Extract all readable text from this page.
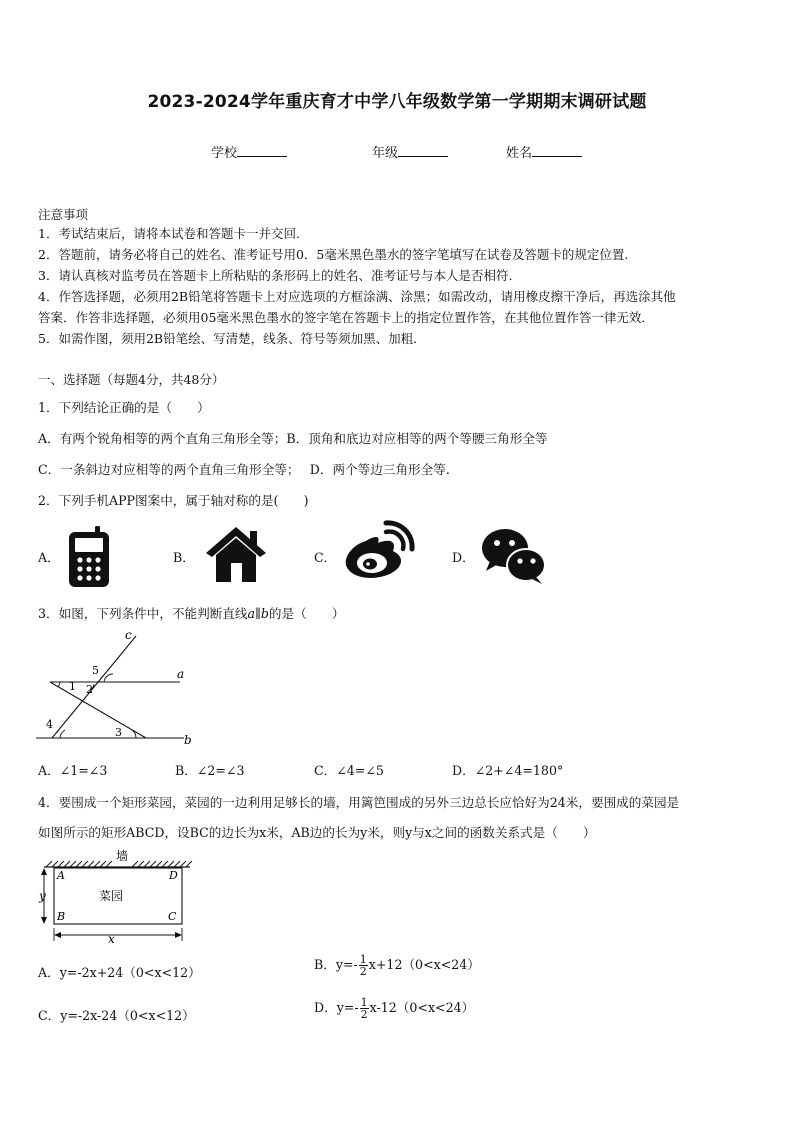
2023-2024学年重庆育才中学八年级数学第一学期期末调研试题
学校	年级	姓名
注意事项
1．考试结束后，请将本试卷和答题卡一并交回.
2．答题前，请务必将自己的姓名、准考证号用0．5毫米黑色墨水的签字笔填写在试卷及答题卡的规定位置.
3．请认真核对监考员在答题卡上所粘贴的条形码上的姓名、准考证号与本人是否相符.
4．作答选择题，必须用2B铅笔将答题卡上对应选项的方框涂满、涂黑；如需改动，请用橡皮擦干净后，再选涂其他
答案．作答非选择题，必须用05毫米黑色墨水的签字笔在答题卡上的指定位置作答，在其他位置作答一律无效．
5．如需作图，须用2B铅笔绘、写清楚，线条、符号等须加黑、加粗．
一、选择题（每题4分，共48分）
1．下列结论正确的是（　　）
A．有两个锐角相等的两个直角三角形全等；B．顶角和底边对应相等的两个等腰三角形全等
C．一条斜边对应相等的两个直角三角形全等；　 D．两个等边三角形全等.
2．下列手机APP图案中，属于轴对称的是(　　)
A．	B．	C．	D．
3．如图，下列条件中，不能判断直线a∥b的是（　　）
c
a
b
5
1 2
4
3
A．∠1=∠3	B．∠2=∠3	C．∠4=∠5	D．∠2+∠4=180°
4．要围成一个矩形菜园，菜园的一边利用足够长的墙，用篱笆围成的另外三边总长应恰好为24米，要围成的菜园是
如图所示的矩形ABCD，设BC的边长为x米，AB边的长为y米，则y与x之间的函数关系式是（　　）
墙
A	D
B	C
菜园
y
x
A．y=-2x+24（0<x<12）
B．$y=- \frac{1}{2} x+12(0<x<24)$
C．y=-2x-24（0<x<12）
D．$y=- \frac{1}{2} x-12(0<x<24)$
